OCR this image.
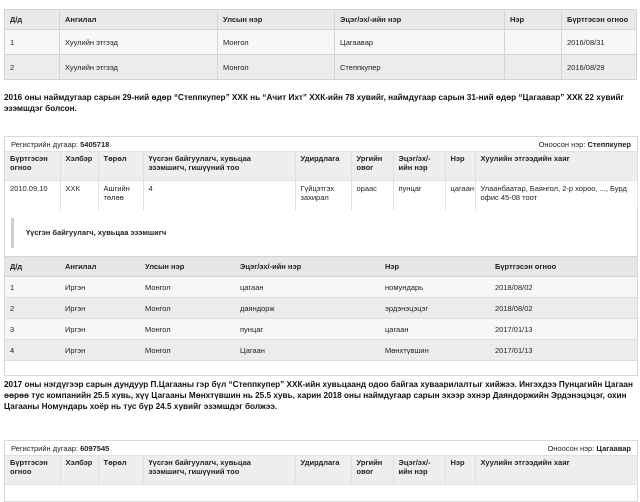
Д/д	Ангилал	Улсын нэр	Эцэг/эх/-ийн нэр	Нэр	Бүртгэсэн огноо
1	Хуулийн этгээд	Монгол	Цагаавар		2016/08/31
2	Хуулийн этгээд	Монгол	Степпкупер		2016/08/29
2016 оны наймдугаар сарын 29-ний өдөр “Степпкупер” ХХК нь “Ачит Ихт” ХХК-ийн 78 хувийг, наймдугаар сарын 31-ний өдөр “Цагаавар” ХХК 22 хувийг эзэмшдэг болсон.
Регистрийн дугаар: 5405718	Оноосон нэр: Степпкупер
Бүртгэсэн огноо	Хэлбэр	Төрөл	Үүсгэн байгуулагч, хувьцаа эзэмшигч, гишүүний тоо	Удирдлага	Ургийн овог	Эцэг/эх/-ийн нэр	Нэр	Хуулийн этгээдийн хаяг
2010.09.10	ХХК	Ашгийн төлөө	4	Гүйцэтгэх захирал	ораас	пунцаг	цагаан	Улаанбаатар, Баянгол, 2-р хороо, ..., Бурд офис 45-08 тоот
Үүсгэн байгуулагч, хувьцаа эзэмшигч
Д/д	Ангилал	Улсын нэр	Эцэг/эх/-ийн нэр	Нэр	Бүртгэсэн огноо
1	Иргэн	Монгол	цагаан	номундарь	2018/08/02
2	Иргэн	Монгол	даяндорж	эрдэнэцэцэг	2018/08/02
3	Иргэн	Монгол	пунцаг	цагаан	2017/01/13
4	Иргэн	Монгол	Цагаан	Мөнхтүвшин	2017/01/13
2017 оны нэгдүгээр сарын дундуур П.Цагааны гэр бүл “Степпкупер” ХХК-ийн хувьцаанд одоо байгаа хуваарилалтыг хийжээ. Ингэхдээ Пунцагийн Цагаан өөрөө тус компанийн 25.5 хувь, хүү Цагааны Мөнхтүвшин нь 25.5 хувь, харин 2018 оны наймдугаар сарын эхээр эхнэр Даяндоржийн Эрдэнэцэцэг, охин Цагааны Номундарь хоёр нь тус бүр 24.5 хувийг эзэмшдэг болжээ.
Регистрийн дугаар: 6097545	Оноосон нэр: Цагаавар
Бүртгэсэн огноо	Хэлбэр	Төрөл	Үүсгэн байгуулагч, хувьцаа эзэмшигч, гишүүний тоо	Удирдлага	Ургийн овог	Эцэг/эх/-ийн нэр	Нэр	Хуулийн этгээдийн хаяг
